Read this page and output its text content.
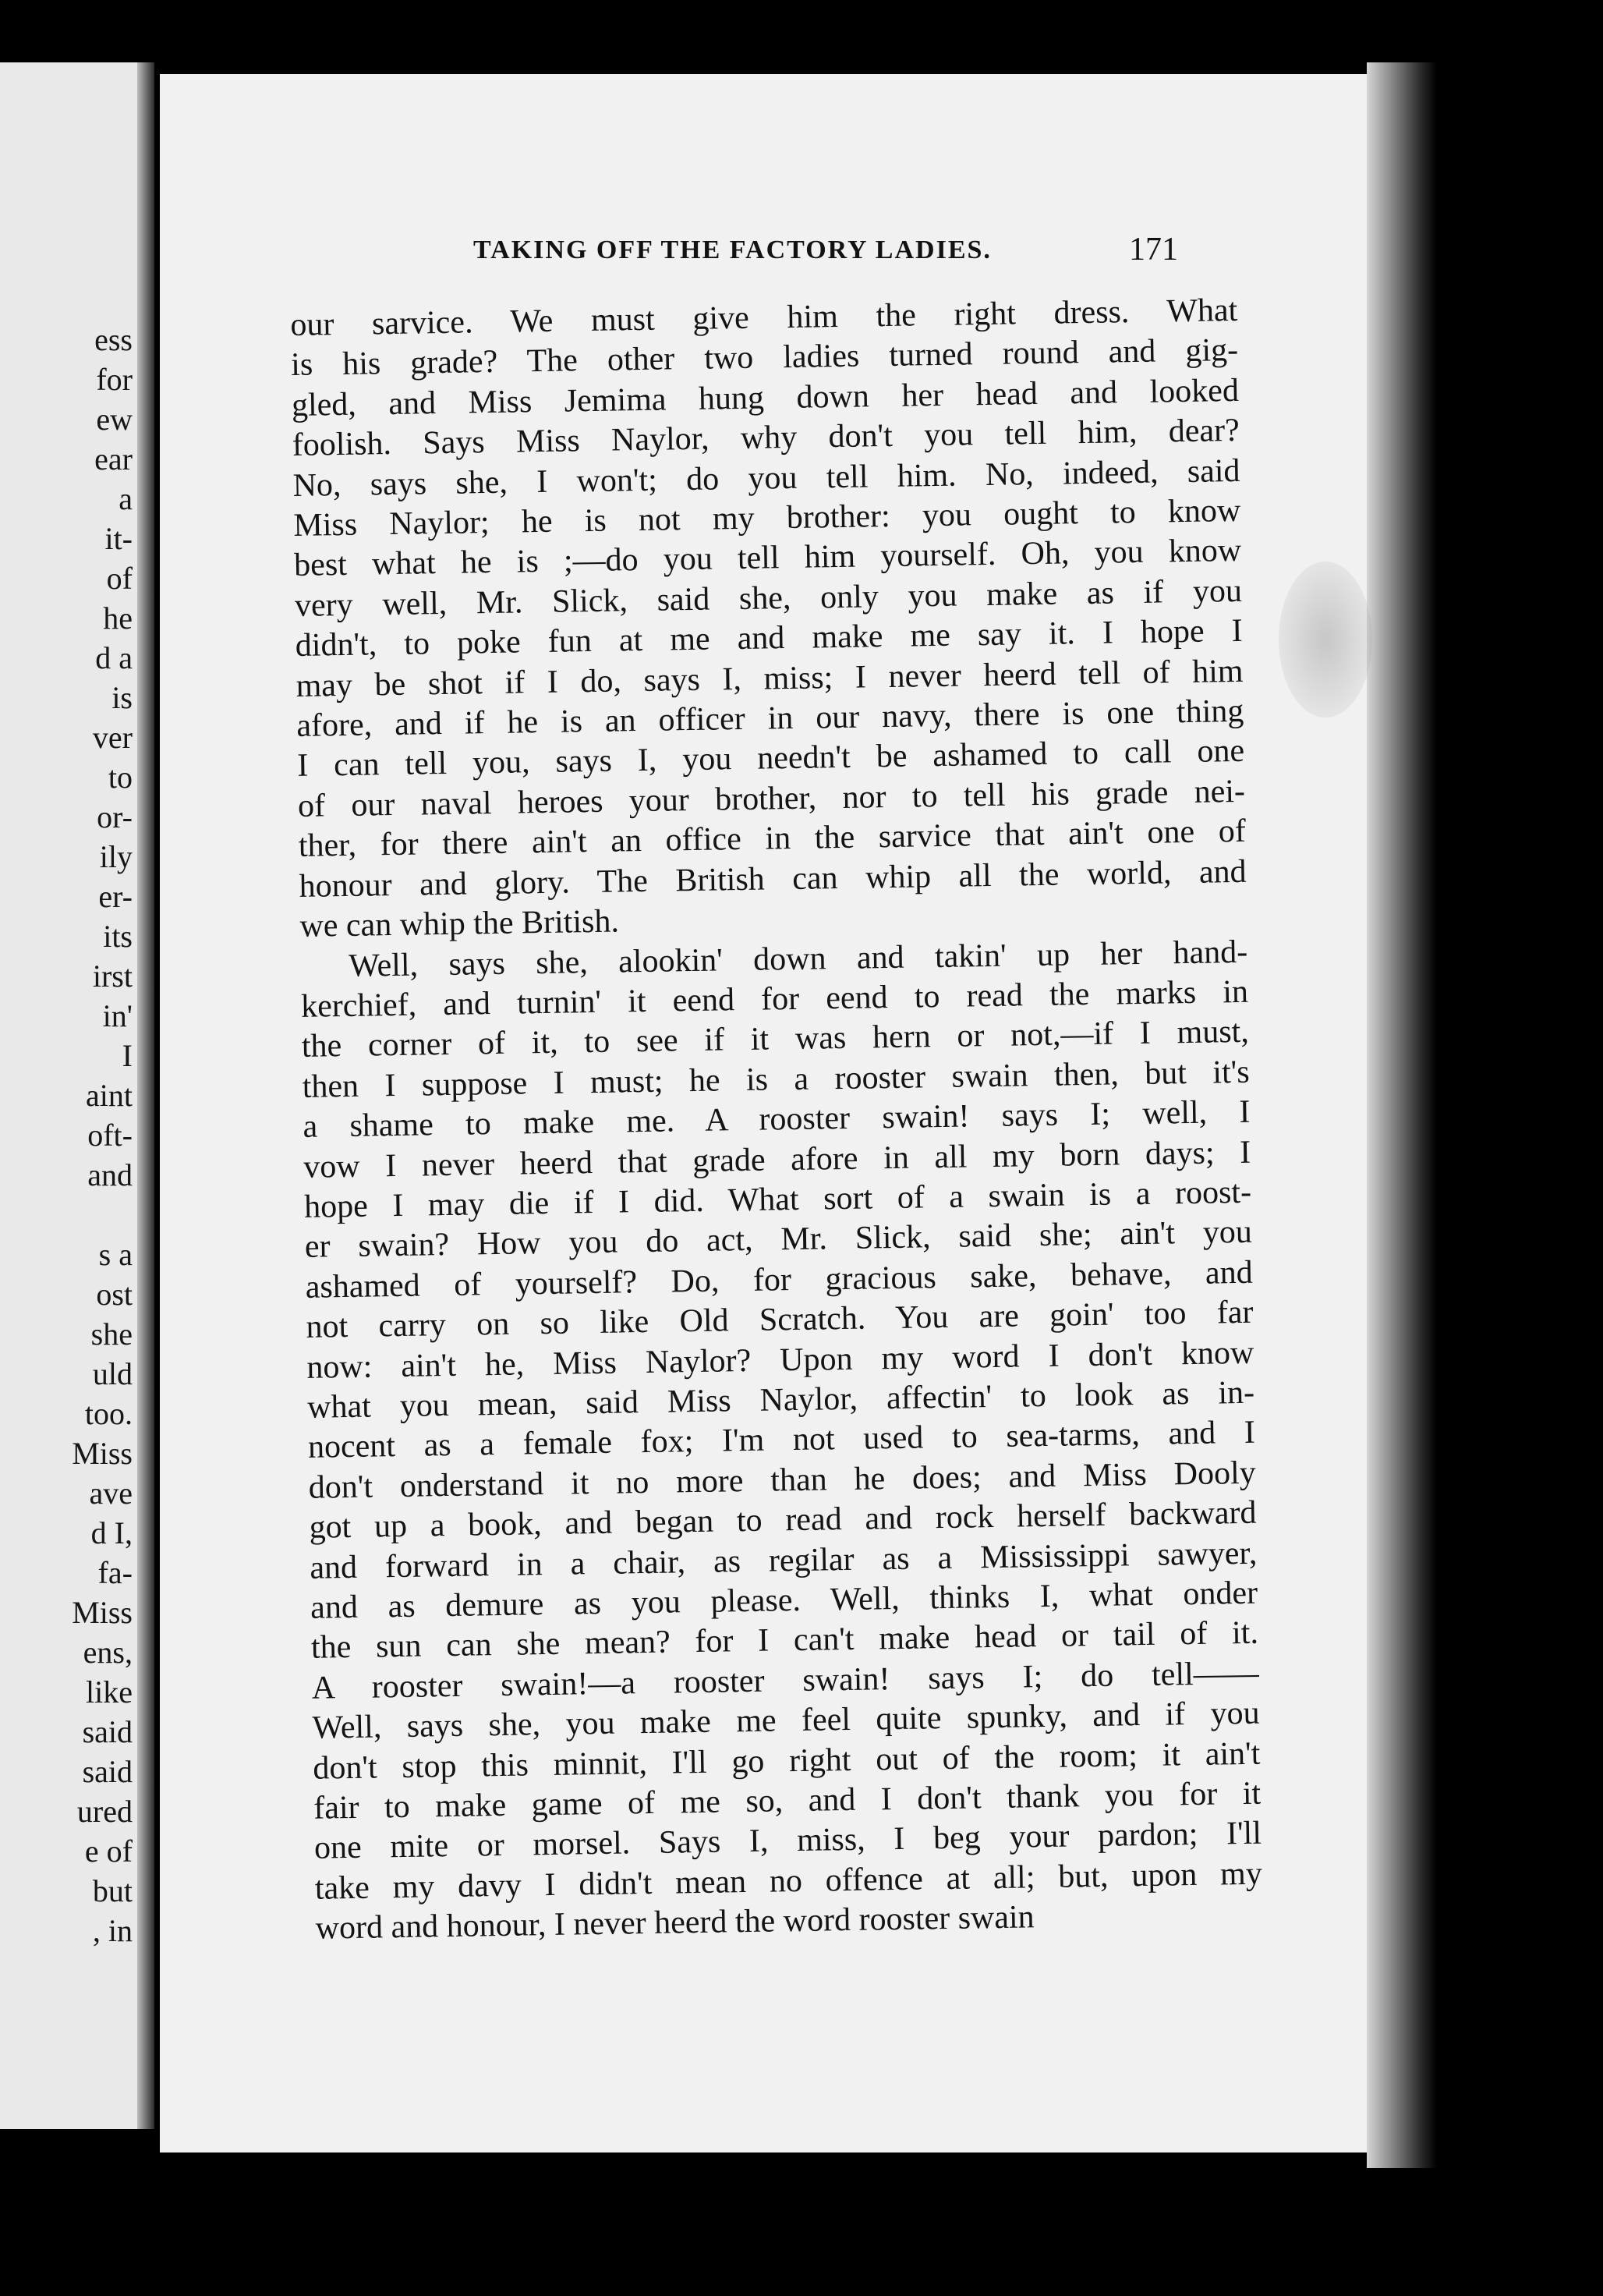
ess
for
ew
ear
a
it-
of
he
d a
is
ver
to
or-
ily
er-
its
irst
in'
I
aint
oft-
and
s a
ost
she
uld
too.
Miss
ave
d I,
fa-
Miss
ens,
like
said
said
ured
e of
but
, in
TAKING OFF THE FACTORY LADIES.	171
our sarvice. We must give him the right dress. What
is his grade? The other two ladies turned round and gig-
gled, and Miss Jemima hung down her head and looked
foolish. Says Miss Naylor, why don't you tell him, dear?
No, says she, I won't; do you tell him. No, indeed, said
Miss Naylor; he is not my brother: you ought to know
best what he is ;—do you tell him yourself. Oh, you know
very well, Mr. Slick, said she, only you make as if you
didn't, to poke fun at me and make me say it. I hope I
may be shot if I do, says I, miss; I never heerd tell of him
afore, and if he is an officer in our navy, there is one thing
I can tell you, says I, you needn't be ashamed to call one
of our naval heroes your brother, nor to tell his grade nei-
ther, for there ain't an office in the sarvice that ain't one of
honour and glory. The British can whip all the world, and
we can whip the British.
Well, says she, alookin' down and takin' up her hand-
kerchief, and turnin' it eend for eend to read the marks in
the corner of it, to see if it was hern or not,—if I must,
then I suppose I must; he is a rooster swain then, but it's
a shame to make me. A rooster swain! says I; well, I
vow I never heerd that grade afore in all my born days; I
hope I may die if I did. What sort of a swain is a roost-
er swain? How you do act, Mr. Slick, said she; ain't you
ashamed of yourself? Do, for gracious sake, behave, and
not carry on so like Old Scratch. You are goin' too far
now: ain't he, Miss Naylor? Upon my word I don't know
what you mean, said Miss Naylor, affectin' to look as in-
nocent as a female fox; I'm not used to sea-tarms, and I
don't onderstand it no more than he does; and Miss Dooly
got up a book, and began to read and rock herself backward
and forward in a chair, as regilar as a Mississippi sawyer,
and as demure as you please. Well, thinks I, what onder
the sun can she mean? for I can't make head or tail of it.
A rooster swain!—a rooster swain! says I; do tell——
Well, says she, you make me feel quite spunky, and if you
don't stop this minnit, I'll go right out of the room; it ain't
fair to make game of me so, and I don't thank you for it
one mite or morsel. Says I, miss, I beg your pardon; I'll
take my davy I didn't mean no offence at all; but, upon my
word and honour, I never heerd the word rooster swain
